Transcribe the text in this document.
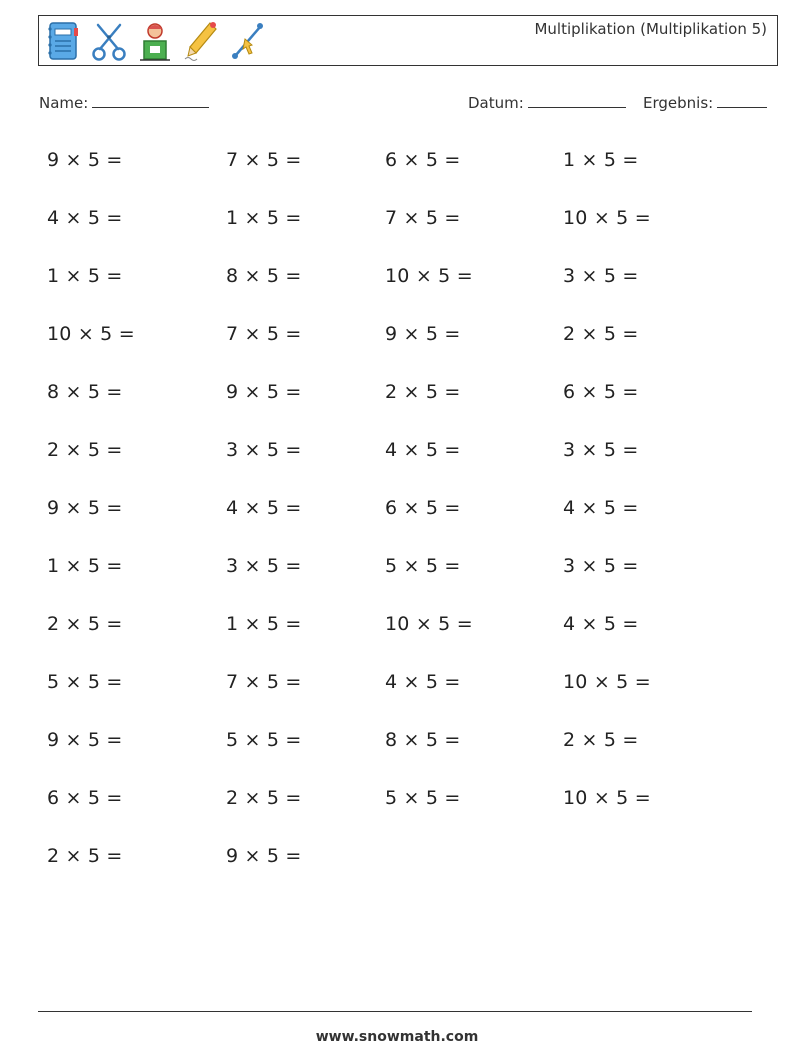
Multiplikation (Multiplikation 5)
Name:	Datum:	Ergebnis:
9 × 5 =	7 × 5 =	6 × 5 =	1 × 5 =
4 × 5 =	1 × 5 =	7 × 5 =	10 × 5 =
1 × 5 =	8 × 5 =	10 × 5 =	3 × 5 =
10 × 5 =	7 × 5 =	9 × 5 =	2 × 5 =
8 × 5 =	9 × 5 =	2 × 5 =	6 × 5 =
2 × 5 =	3 × 5 =	4 × 5 =	3 × 5 =
9 × 5 =	4 × 5 =	6 × 5 =	4 × 5 =
1 × 5 =	3 × 5 =	5 × 5 =	3 × 5 =
2 × 5 =	1 × 5 =	10 × 5 =	4 × 5 =
5 × 5 =	7 × 5 =	4 × 5 =	10 × 5 =
9 × 5 =	5 × 5 =	8 × 5 =	2 × 5 =
6 × 5 =	2 × 5 =	5 × 5 =	10 × 5 =
2 × 5 =	9 × 5 =
www.snowmath.com
